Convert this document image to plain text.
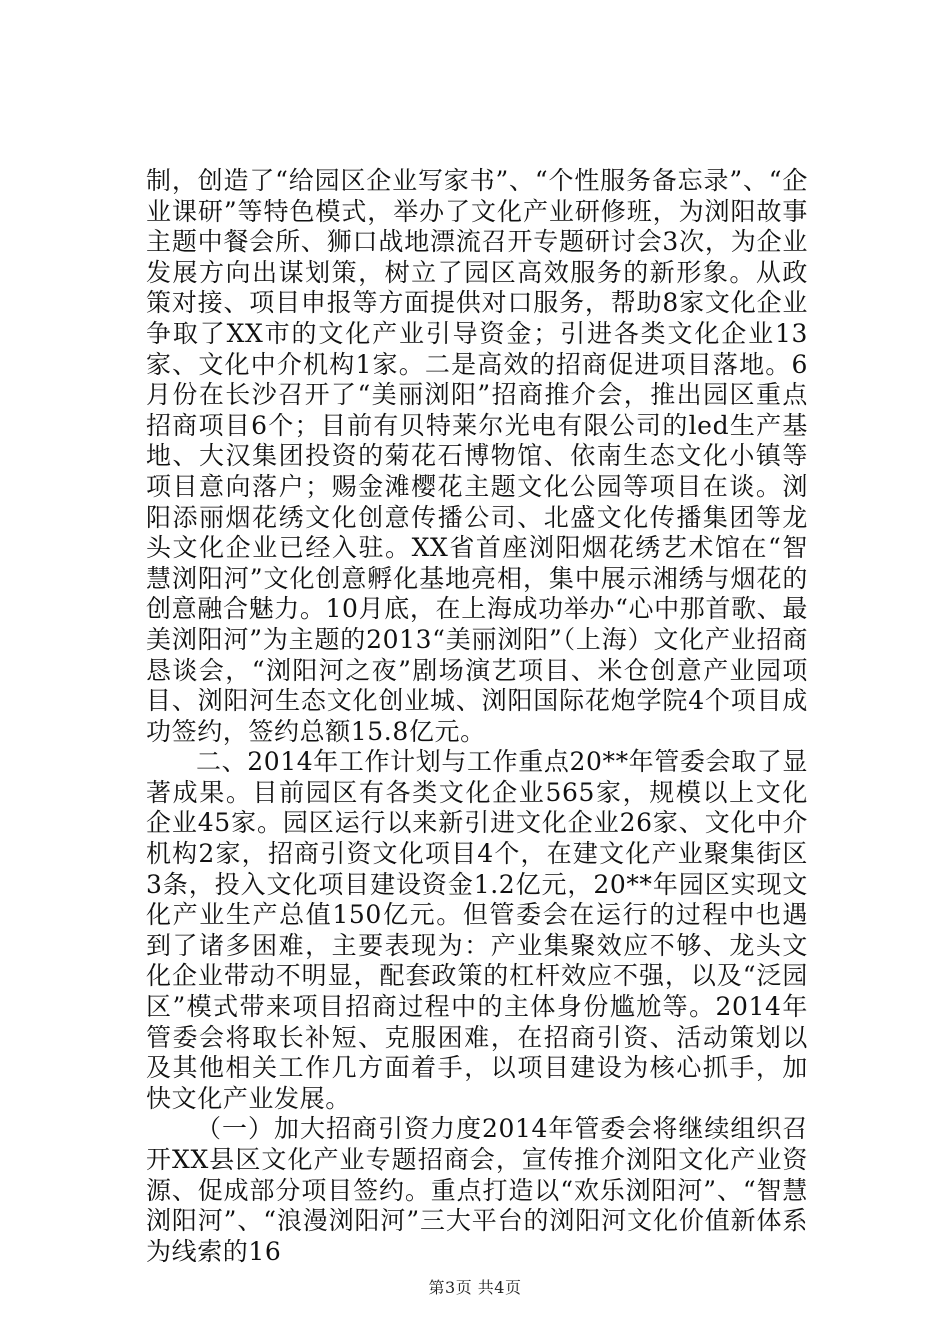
制，创造了“给园区企业写家书”、“个性服务备忘录”、“企业课研”等特色模式，举办了文化产业研修班，为浏阳故事主题中餐会所、狮口战地漂流召开专题研讨会3次，为企业发展方向出谋划策，树立了园区高效服务的新形象。从政策对接、项目申报等方面提供对口服务，帮助8家文化企业争取了XX市的文化产业引导资金；引进各类文化企业13家、文化中介机构1家。二是高效的招商促进项目落地。6月份在长沙召开了“美丽浏阳”招商推介会，推出园区重点招商项目6个；目前有贝特莱尔光电有限公司的led生产基地、大汉集团投资的菊花石博物馆、依南生态文化小镇等项目意向落户；赐金滩樱花主题文化公园等项目在谈。浏阳添丽烟花绣文化创意传播公司、北盛文化传播集团等龙头文化企业已经入驻。XX省首座浏阳烟花绣艺术馆在“智慧浏阳河”文化创意孵化基地亮相，集中展示湘绣与烟花的创意融合魅力。10月底，在上海成功举办“心中那首歌、最美浏阳河”为主题的2013“美丽浏阳”（上海）文化产业招商恳谈会，“浏阳河之夜”剧场演艺项目、米仓创意产业园项目、浏阳河生态文化创业城、浏阳国际花炮学院4个项目成功签约，签约总额15.8亿元。

二、2014年工作计划与工作重点20**年管委会取了显著成果。目前园区有各类文化企业565家，规模以上文化企业45家。园区运行以来新引进文化企业26家、文化中介机构2家，招商引资文化项目4个，在建文化产业聚集街区3条，投入文化项目建设资金1.2亿元，20**年园区实现文化产业生产总值150亿元。但管委会在运行的过程中也遇到了诸多困难，主要表现为：产业集聚效应不够、龙头文化企业带动不明显，配套政策的杠杆效应不强，以及“泛园区”模式带来项目招商过程中的主体身份尴尬等。2014年管委会将取长补短、克服困难，在招商引资、活动策划以及其他相关工作几方面着手，以项目建设为核心抓手，加快文化产业发展。

（一）加大招商引资力度2014年管委会将继续组织召开XX县区文化产业专题招商会，宣传推介浏阳文化产业资源、促成部分项目签约。重点打造以“欢乐浏阳河”、“智慧浏阳河”、“浪漫浏阳河”三大平台的浏阳河文化价值新体系为线索的16

第3页 共4页
